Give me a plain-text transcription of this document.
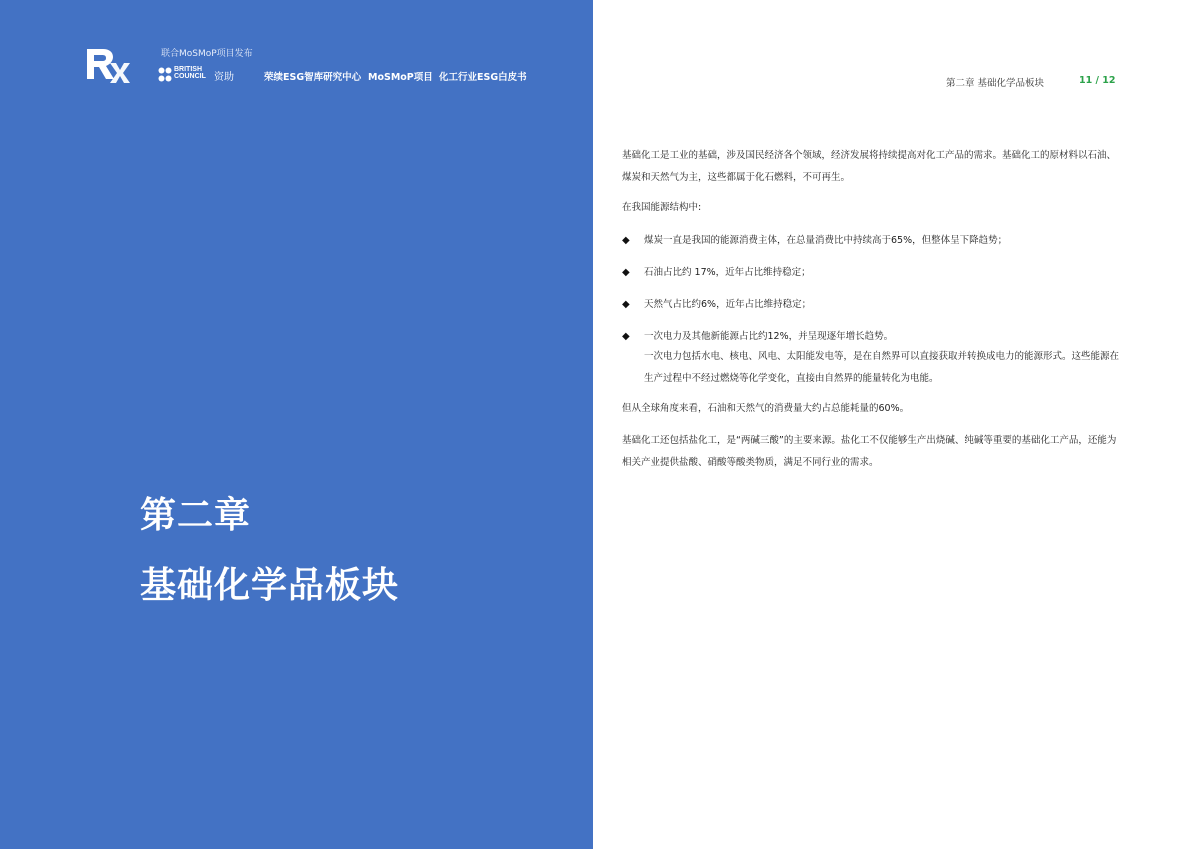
联合MoSMoP项目发布
BRITISH
COUNCIL 资助	荣续ESG智库研究中心 MoSMoP项目 化工行业ESG白皮书
第二章
基础化学品板块
第二章 基础化学品板块	11 / 12
基础化工是工业的基础，涉及国民经济各个领域，经济发展将持续提高对化工产品的需求。基础化工的原材料以石油、煤炭和天然气为主，这些都属于化石燃料，不可再生。
在我国能源结构中:
◆ 煤炭一直是我国的能源消费主体，在总量消费比中持续高于65%，但整体呈下降趋势；
◆ 石油占比约 17%，近年占比维持稳定；
◆ 天然气占比约6%，近年占比维持稳定；
◆ 一次电力及其他新能源占比约12%，并呈现逐年增长趋势。
一次电力包括水电、核电、风电、太阳能发电等，是在自然界可以直接获取并转换成电力的能源形式。这些能源在生产过程中不经过燃烧等化学变化，直接由自然界的能量转化为电能。
但从全球角度来看，石油和天然气的消费量大约占总能耗量的60%。
基础化工还包括盐化工，是“两碱三酸”的主要来源。盐化工不仅能够生产出烧碱、纯碱等重要的基础化工产品，还能为相关产业提供盐酸、硝酸等酸类物质，满足不同行业的需求。
